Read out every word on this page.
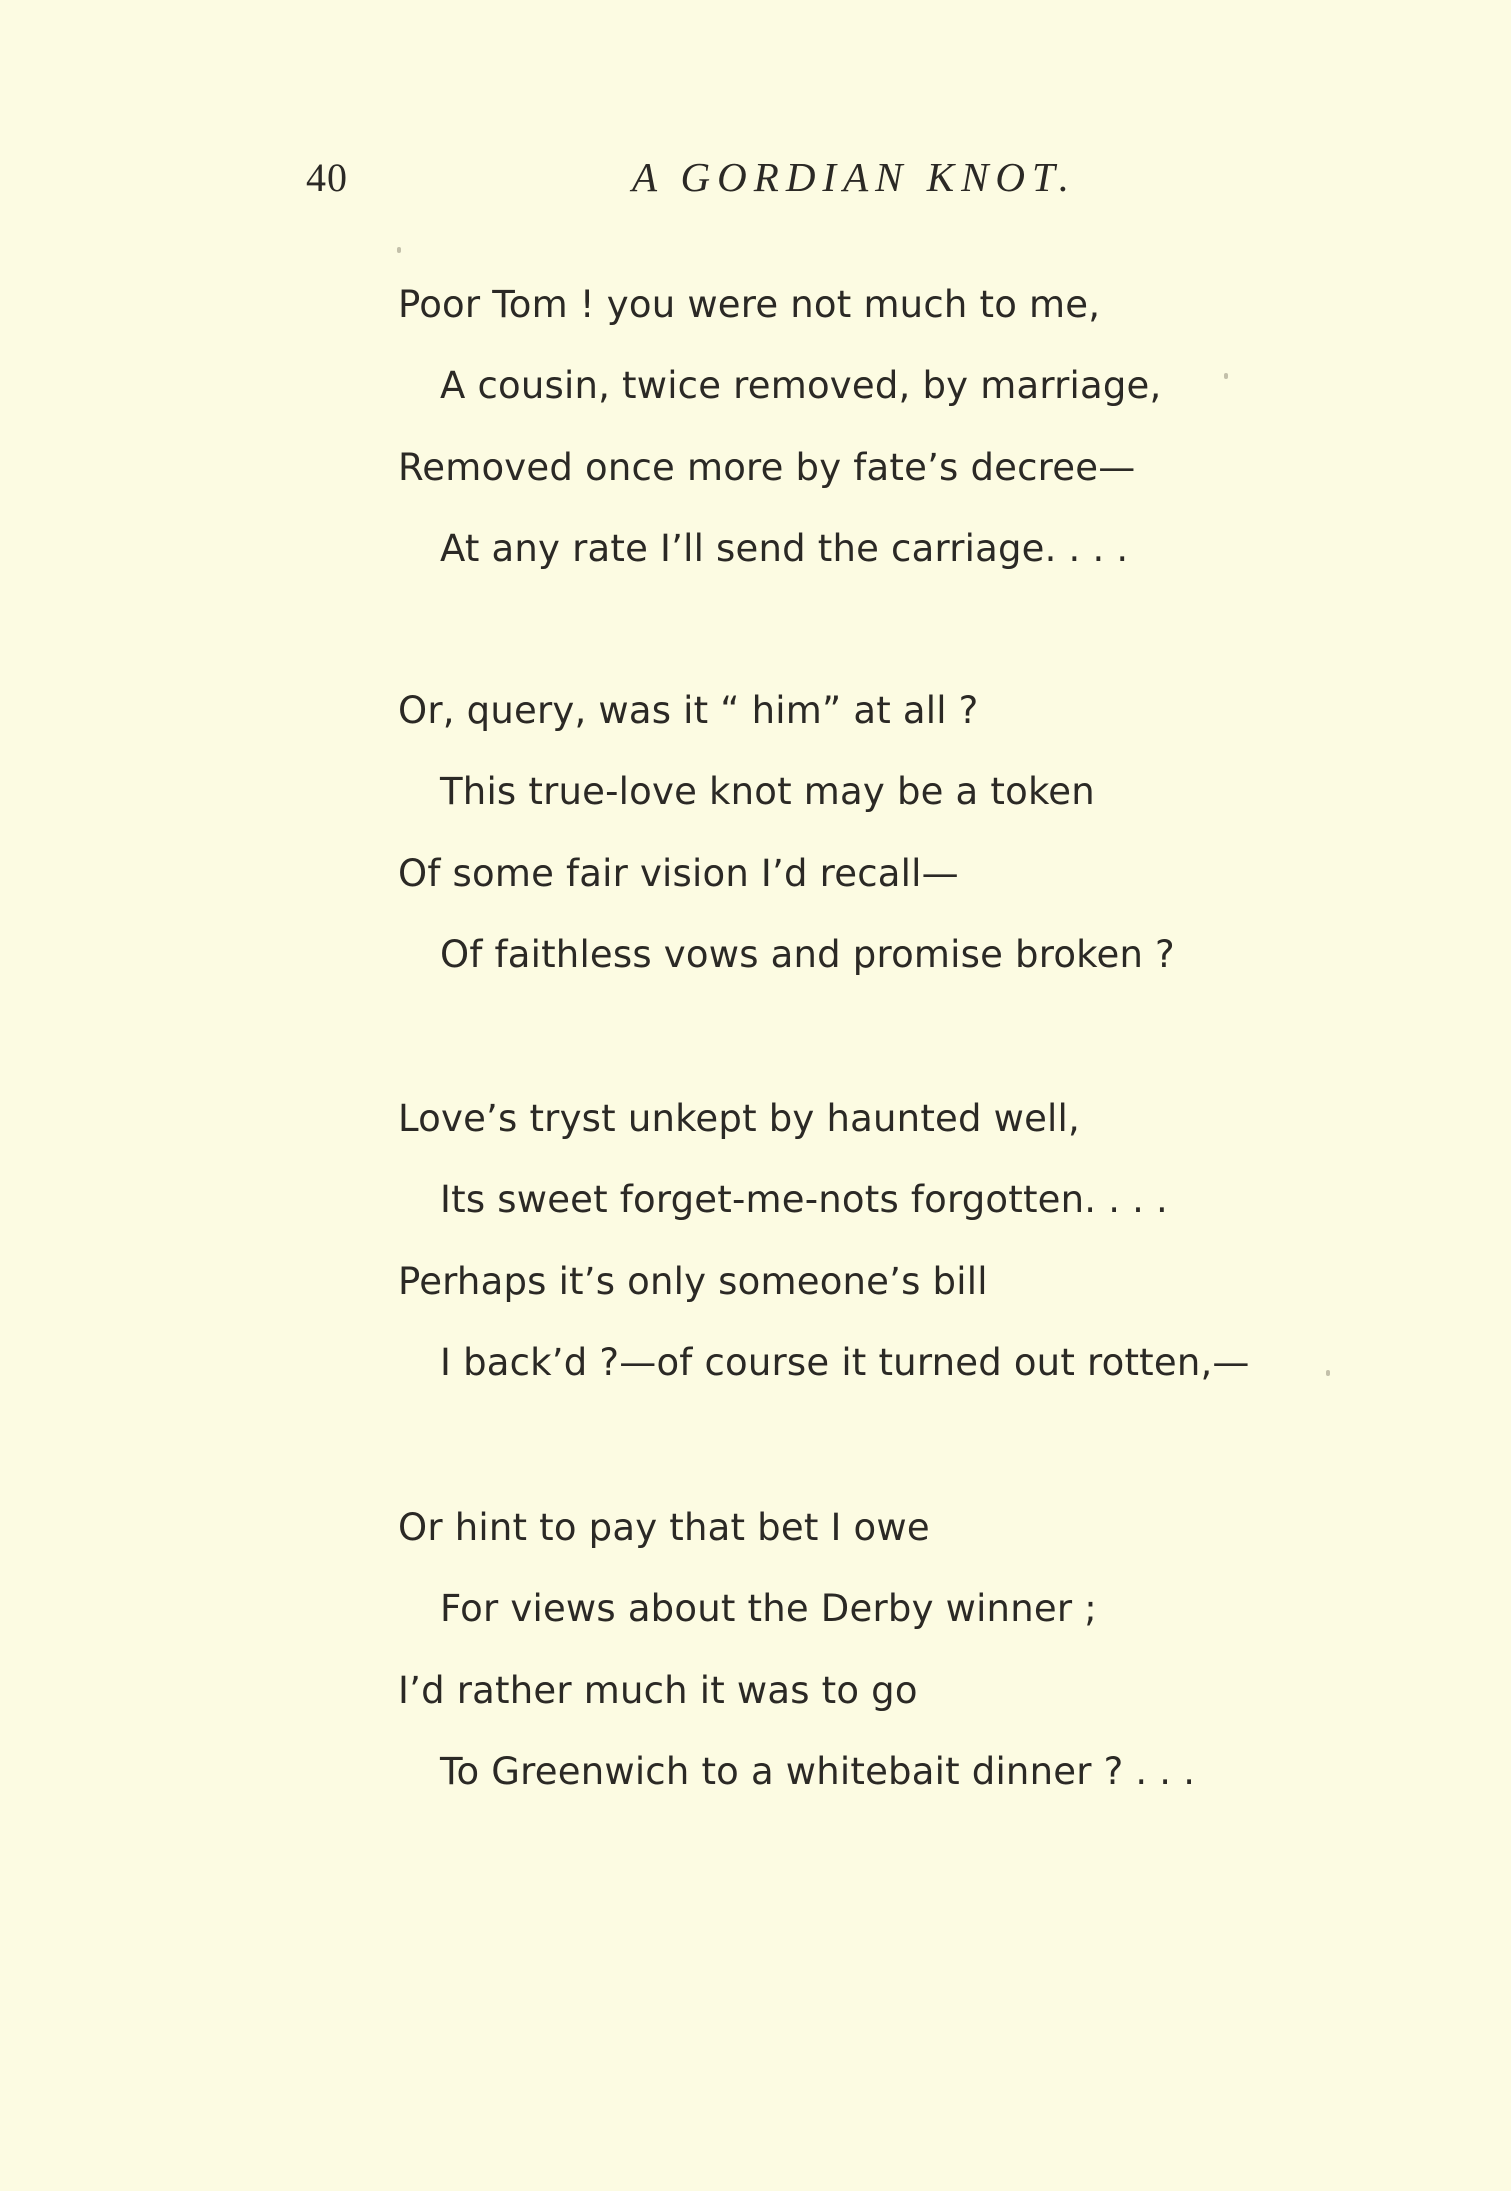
40	A GORDIAN KNOT.
Poor Tom ! you were not much to me,
A cousin, twice removed, by marriage,
Removed once more by fate’s decree—
At any rate I’ll send the carriage. . . .
Or, query, was it “ him” at all ?
This true-love knot may be a token
Of some fair vision I’d recall—
Of faithless vows and promise broken ?
Love’s tryst unkept by haunted well,
Its sweet forget-me-nots forgotten. . . .
Perhaps it’s only someone’s bill
I back’d ?—of course it turned out rotten,—
Or hint to pay that bet I owe
For views about the Derby winner ;
I’d rather much it was to go
To Greenwich to a whitebait dinner ? . . .
